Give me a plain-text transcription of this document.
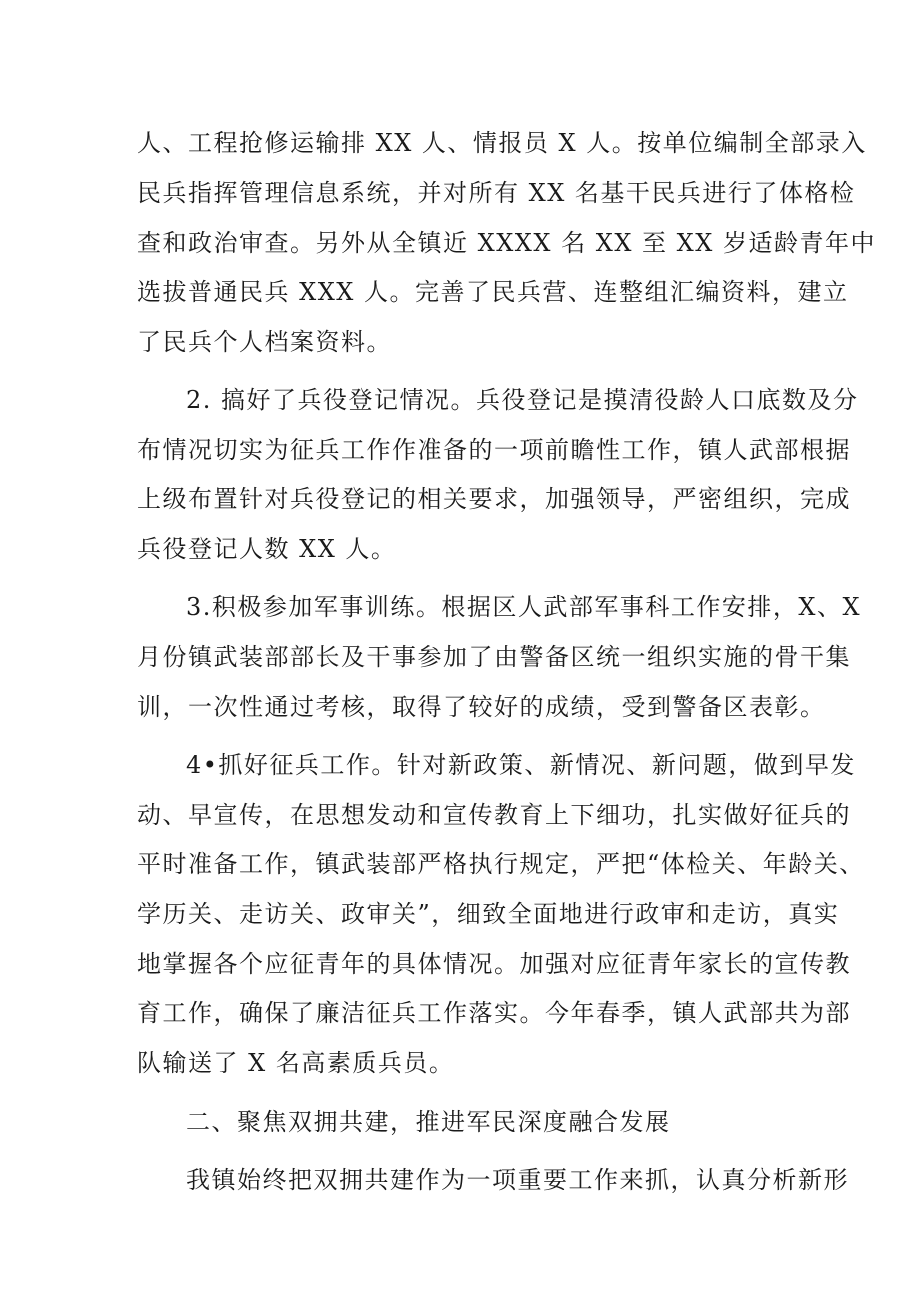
人、工程抢修运输排 XX 人、情报员 X 人。按单位编制全部录入
民兵指挥管理信息系统，并对所有 XX 名基干民兵进行了体格检
查和政治审查。另外从全镇近 XXXX 名 XX 至 XX 岁适龄青年中
选拔普通民兵 XXX 人。完善了民兵营、连整组汇编资料，建立
了民兵个人档案资料。
2. 搞好了兵役登记情况。兵役登记是摸清役龄人口底数及分
布情况切实为征兵工作作准备的一项前瞻性工作，镇人武部根据
上级布置针对兵役登记的相关要求，加强领导，严密组织，完成
兵役登记人数 XX 人。
3.积极参加军事训练。根据区人武部军事科工作安排，X、X
月份镇武装部部长及干事参加了由警备区统一组织实施的骨干集
训，一次性通过考核，取得了较好的成绩，受到警备区表彰。
4•抓好征兵工作。针对新政策、新情况、新问题，做到早发
动、早宣传，在思想发动和宣传教育上下细功，扎实做好征兵的
平时准备工作，镇武装部严格执行规定，严把“体检关、年龄关、
学历关、走访关、政审关”，细致全面地进行政审和走访，真实
地掌握各个应征青年的具体情况。加强对应征青年家长的宣传教
育工作，确保了廉洁征兵工作落实。今年春季，镇人武部共为部
队输送了 X 名高素质兵员。
二、聚焦双拥共建，推进军民深度融合发展
我镇始终把双拥共建作为一项重要工作来抓，认真分析新形
